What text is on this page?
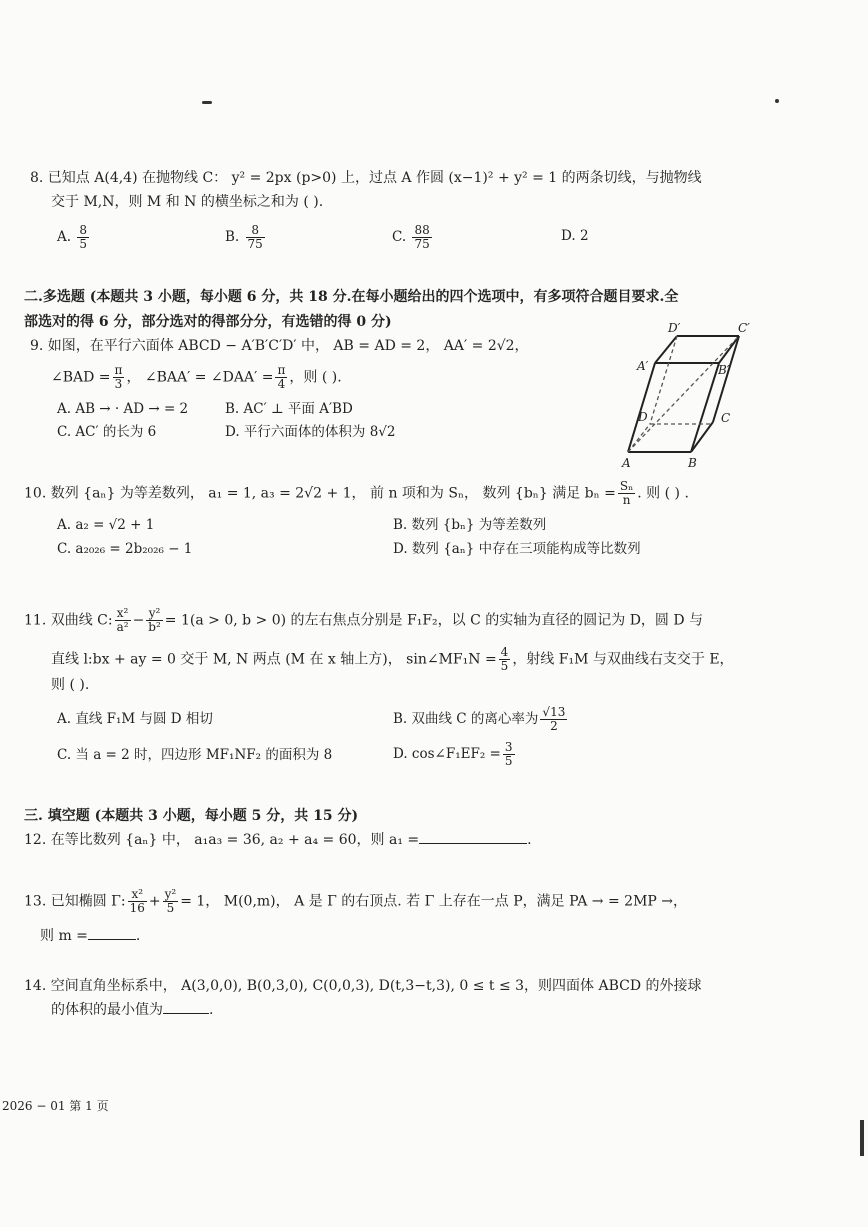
8. 已知点 A(4,4) 在抛物线 C： y² = 2px (p>0) 上，过点 A 作圆 (x−1)² + y² = 1 的两条切线，与抛物线
交于 M,N，则 M 和 N 的横坐标之和为 ( ).
A. $\frac{8}{5}$	B. $\frac{8}{75}$	C. $\frac{88}{75}$	D. 2
二.多选题 (本题共 3 小题，每小题 6 分，共 18 分.在每小题给出的四个选项中，有多项符合题目要求.全
部选对的得 6 分，部分选对的得部分分，有选错的得 0 分)
9. 如图，在平行六面体 ABCD − A′B′C′D′ 中， AB = AD = 2， AA′ = 2√2，
∠BAD = $\frac{\pi}{3}$ ， ∠BAA′ = ∠DAA′ = $\frac{\pi}{4}$ ，则 ( ).
A. AB → · AD → = 2	B. AC′ ⊥ 平面 A′BD
C. AC′ 的长为 6	D. 平行六面体的体积为 8√2
D′	C′
A′	B′
D	C
A	B
10. 数列 {aₙ} 为等差数列， a₁ = 1, a₃ = 2√2 + 1， 前 n 项和为 Sₙ， 数列 {bₙ} 满足 $b_n = \frac{\text{Sₙ}}{n}$ . 则 ( ) .
A. a₂ = √2 + 1	B. 数列 {bₙ} 为等差数列
C. a₂₀₂₆ = 2b₂₀₂₆ − 1	D. 数列 {aₙ} 中存在三项能构成等比数列
11. 双曲线 C: $\frac{\text{x²}}{\text{a²}} - \frac{\text{y²}}{\text{b²}} = 1(a > 0$, b > 0) 的左右焦点分别是 F₁F₂，以 C 的实轴为直径的圆记为 D，圆 D 与
直线 l:bx + ay = 0 交于 M, N 两点 (M 在 x 轴上方)， sin∠MF₁N = $\frac{4}{5}$ ，射线 F₁M 与双曲线右支交于 E，
则 ( ).
A. 直线 F₁M 与圆 D 相切	B. 双曲线 C 的离心率为 $\frac{√13}{2}$
C. 当 a = 2 时，四边形 MF₁NF₂ 的面积为 8	D. cos∠F₁EF₂ = $\frac{3}{5}$
三. 填空题 (本题共 3 小题，每小题 5 分，共 15 分)
12. 在等比数列 {aₙ} 中， a₁a₃ = 36, a₂ + a₄ = 60，则 a₁ =	.
13. 已知椭圆 Γ: $\frac{\text{x²}}{16} + \frac{\text{y²}}{5} = 1$， M(0,m)， A 是 Γ 的右顶点. 若 Γ 上存在一点 P，满足 PA → = 2MP →，
则 m =	.
14. 空间直角坐标系中， A(3,0,0), B(0,3,0), C(0,0,3), D(t,3−t,3), 0 ≤ t ≤ 3，则四面体 ABCD 的外接球
的体积的最小值为	.
2026 − 01 第 1 页
